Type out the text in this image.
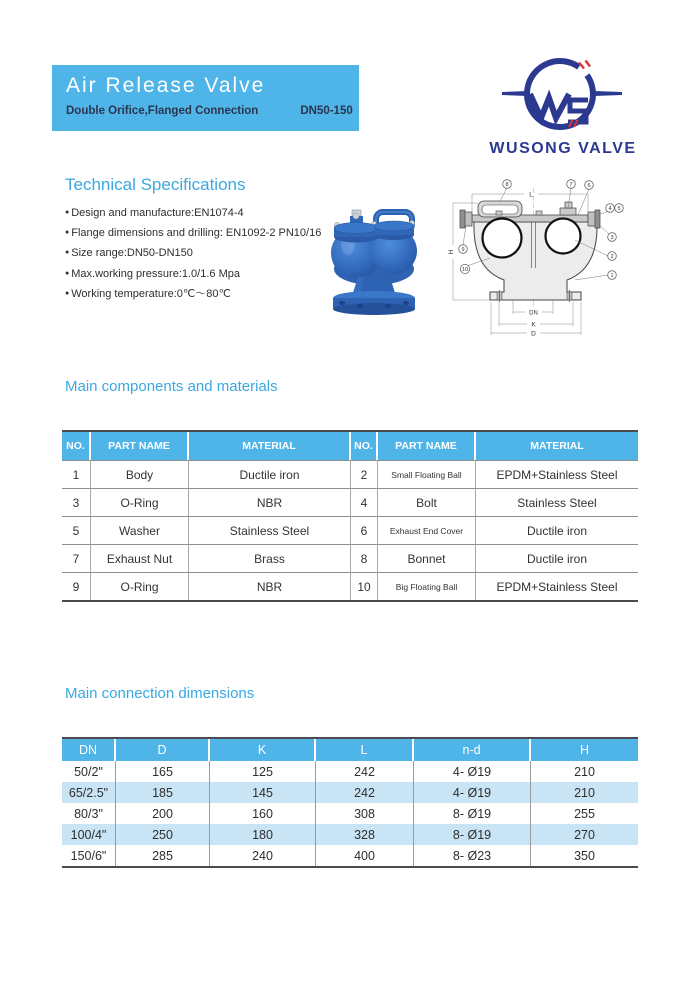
Air Release Valve
Double Orifice,Flanged Connection	DN50-150
WUSONG VALVE
Technical Specifications
● Design and manufacture:EN1074-4
● Flange dimensions and drilling: EN1092-2 PN10/16
● Size range:DN50-DN150
● Max.working pressure:1.0/1.6 Mpa
● Working temperature:0℃～80℃
L
H
DN
K
D
1
2
3
4 5
6
7
8
9
10
Main components and materials
NO.	PART NAME	MATERIAL	NO.	PART NAME	MATERIAL
1	Body	Ductile iron	2	Small Floating Ball	EPDM+Stainless Steel
3	O-Ring	NBR	4	Bolt	Stainless Steel
5	Washer	Stainless Steel	6	Exhaust End Cover	Ductile iron
7	Exhaust Nut	Brass	8	Bonnet	Ductile iron
9	O-Ring	NBR	10	Big Floating Ball	EPDM+Stainless Steel
Main connection dimensions
DN	D	K	L	n-d	H
50/2"	165	125	242	4- Ø19	210
65/2.5"	185	145	242	4- Ø19	210
80/3"	200	160	308	8- Ø19	255
100/4"	250	180	328	8- Ø19	270
150/6"	285	240	400	8- Ø23	350
